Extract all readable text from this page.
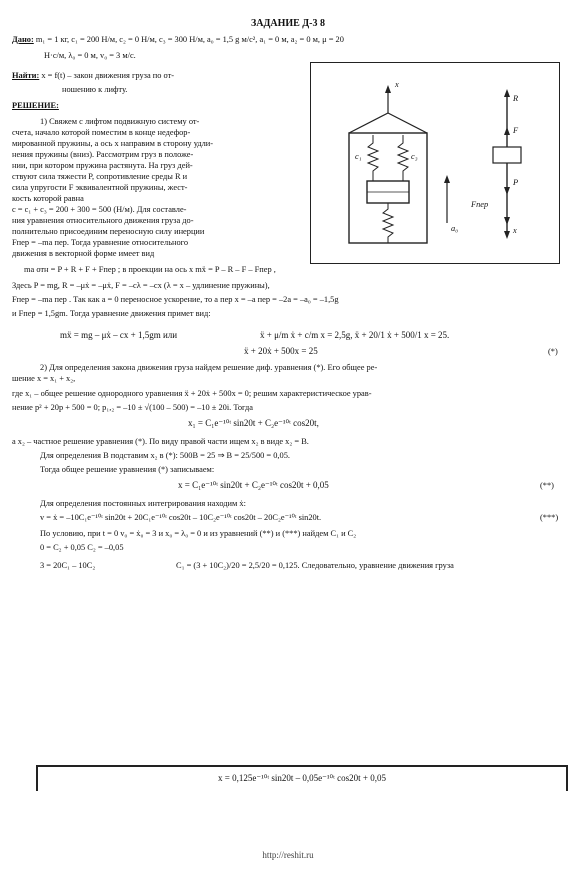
ЗАДАНИЕ Д-3 8
Дано: m₁ = 1 кг, c₁ = 200 Н/м, c₂ = 0 Н/м, c₃ = 300 Н/м, a₀ = 1,5 g м/с², a₁ = 0 м, a₂ = 0 м, μ = 20
Н·с/м, λ₀ = 0 м, v₀ = 3 м/с.
Найти: x = f(t) – закон движения груза по от-
ношению к лифту.
РЕШЕНИЕ:
1) Свяжем с лифтом подвижную систему от-
счета, начало которой поместим в конце недефор-
мированной пружины, а ось x направим в сторону удли-
нения пружины (вниз). Рассмотрим груз в положе-
нии, при котором пружина растянута. На груз дей-
ствуют сила тяжести P, сопротивление среды R и
сила упругости F эквивалентной пружины, жест-
кость которой равна
c = c₁ + c₃ = 200 + 300 = 500 (Н/м). Для составле-
ния уравнения относительного движения груза до-
полнительно присоединим переносную силу инерции
Fпер = –ma пер. Тогда уравнение относительного
движения в векторной форме имеет вид
ma отн = P + R + F + Fпер ; в проекции на ось x mẍ = P – R – F – Fпер ,
Здесь P = mg, R = –μẋ = –μẋ, F = –cλ = –cx (λ = x – удлинение пружины),
Fпер = –ma пер . Так как a = 0 переносное ускорение, то a пер x = –a пер = –2a = –a₀ = –1,5g
и Fпер = 1,5gm. Тогда уравнение движения примет вид:
mẍ = mg – μẋ – cx + 1,5gm или	ẍ + μ/m ẋ + c/m x = 2,5g, ẍ + 20/1 ẋ + 500/1 x = 25.
ẍ + 20ẋ + 500x = 25	(*)
2) Для определения закона движения груза найдем решение диф. уравнения (*). Его общее ре-
шение x = x₁ + x₂,
где x₁ – общее решение однородного уравнения ẍ + 20ẋ + 500x = 0; решим характеристическое урав-
нение p² + 20p + 500 = 0; p₁,₂ = –10 ± √(100 – 500) = –10 ± 20i. Тогда
x₁ = C₁e⁻¹⁰ᵗ sin20t + C₂e⁻¹⁰ᵗ cos20t,
а x₂ – частное решение уравнения (*). По виду правой части ищем x₂ в виде x₂ = B.
Для определения B подставим x₂ в (*): 500B = 25 ⇒ B = 25/500 = 0,05.
Тогда общее решение уравнения (*) записываем:
x = C₁e⁻¹⁰ᵗ sin20t + C₂e⁻¹⁰ᵗ cos20t + 0,05	(**)
Для определения постоянных интегрирования находим ẋ:
v = ẋ = –10C₁e⁻¹⁰ᵗ sin20t + 20C₁e⁻¹⁰ᵗ cos20t – 10C₂e⁻¹⁰ᵗ cos20t – 20C₂e⁻¹⁰ᵗ sin20t.	(***)
По условию, при t = 0 v₀ = ẋ₀ = 3 и x₀ = λ₀ = 0 и из уравнений (**) и (***) найдем C₁ и C₂
0 = C₂ + 0,05 C₂ = –0,05
3 = 20C₁ – 10C₂	C₁ = (3 + 10C₂)/20 = 2,5/20 = 0,125. Следовательно, уравнение движения груза
x = 0,125e⁻¹⁰ᵗ sin20t – 0,05e⁻¹⁰ᵗ cos20t + 0,05
x
c₁	c₃
a₀
R
F
P
Fпер
x
http://reshit.ru
